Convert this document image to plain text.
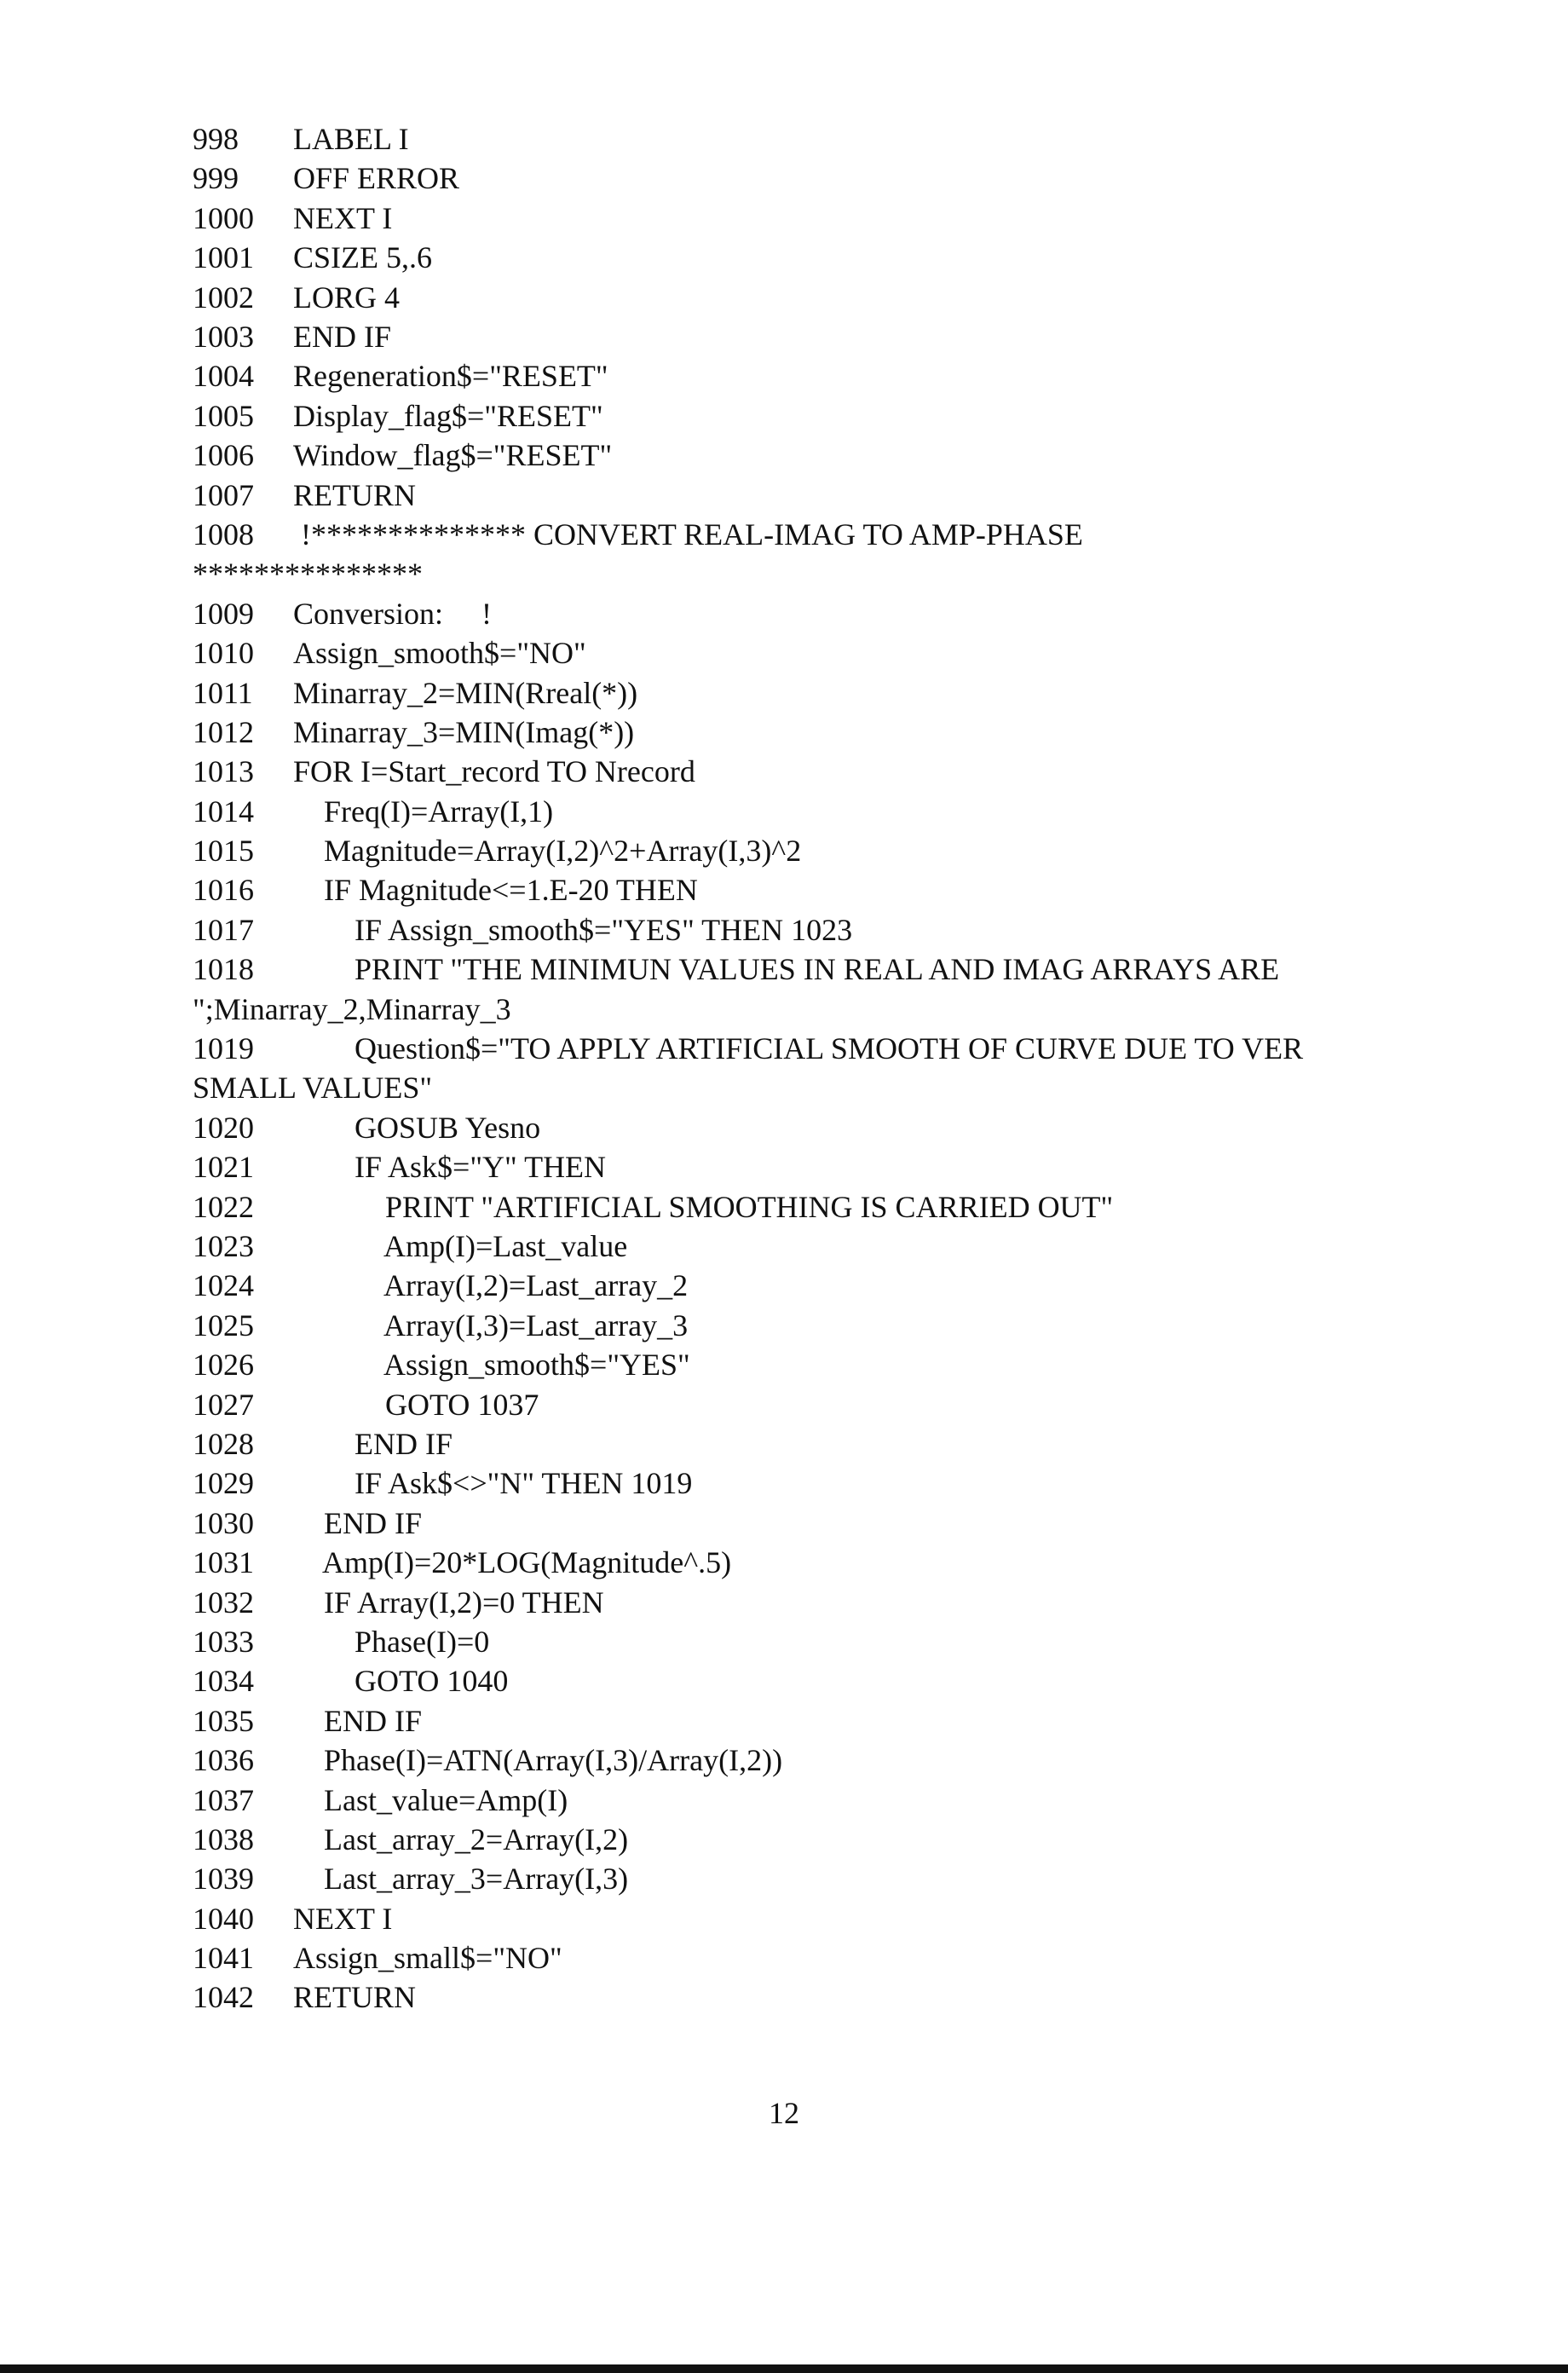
998 LABEL I
999 OFF ERROR
1000 NEXT I
1001 CSIZE 5,.6
1002 LORG 4
1003 END IF
1004 Regeneration$="RESET"
1005 Display_flag$="RESET"
1006 Window_flag$="RESET"
1007 RETURN
1008 !************** CONVERT REAL-IMAG TO AMP-PHASE
***************
1009 Conversion:     !
1010 Assign_smooth$="NO"
1011 Minarray_2=MIN(Rreal(*))
1012 Minarray_3=MIN(Imag(*))
1013 FOR I=Start_record TO Nrecord
1014    Freq(I)=Array(I,1)
1015    Magnitude=Array(I,2)^2+Array(I,3)^2
1016    IF Magnitude<=1.E-20 THEN
1017        IF Assign_smooth$="YES" THEN 1023
1018        PRINT "THE MINIMUN VALUES IN REAL AND IMAG ARRAYS ARE
";Minarray_2,Minarray_3
1019        Question$="TO APPLY ARTIFICIAL SMOOTH OF CURVE DUE TO VER
SMALL VALUES"
1020        GOSUB Yesno
1021        IF Ask$="Y" THEN
1022            PRINT "ARTIFICIAL SMOOTHING IS CARRIED OUT"
1023            Amp(I)=Last_value
1024            Array(I,2)=Last_array_2
1025            Array(I,3)=Last_array_3
1026            Assign_smooth$="YES"
1027            GOTO 1037
1028        END IF
1029        IF Ask$<>"N" THEN 1019
1030    END IF
1031    Amp(I)=20*LOG(Magnitude^.5)
1032    IF Array(I,2)=0 THEN
1033        Phase(I)=0
1034        GOTO 1040
1035    END IF
1036    Phase(I)=ATN(Array(I,3)/Array(I,2))
1037    Last_value=Amp(I)
1038    Last_array_2=Array(I,2)
1039    Last_array_3=Array(I,3)
1040 NEXT I
1041 Assign_small$="NO"
1042 RETURN
12
